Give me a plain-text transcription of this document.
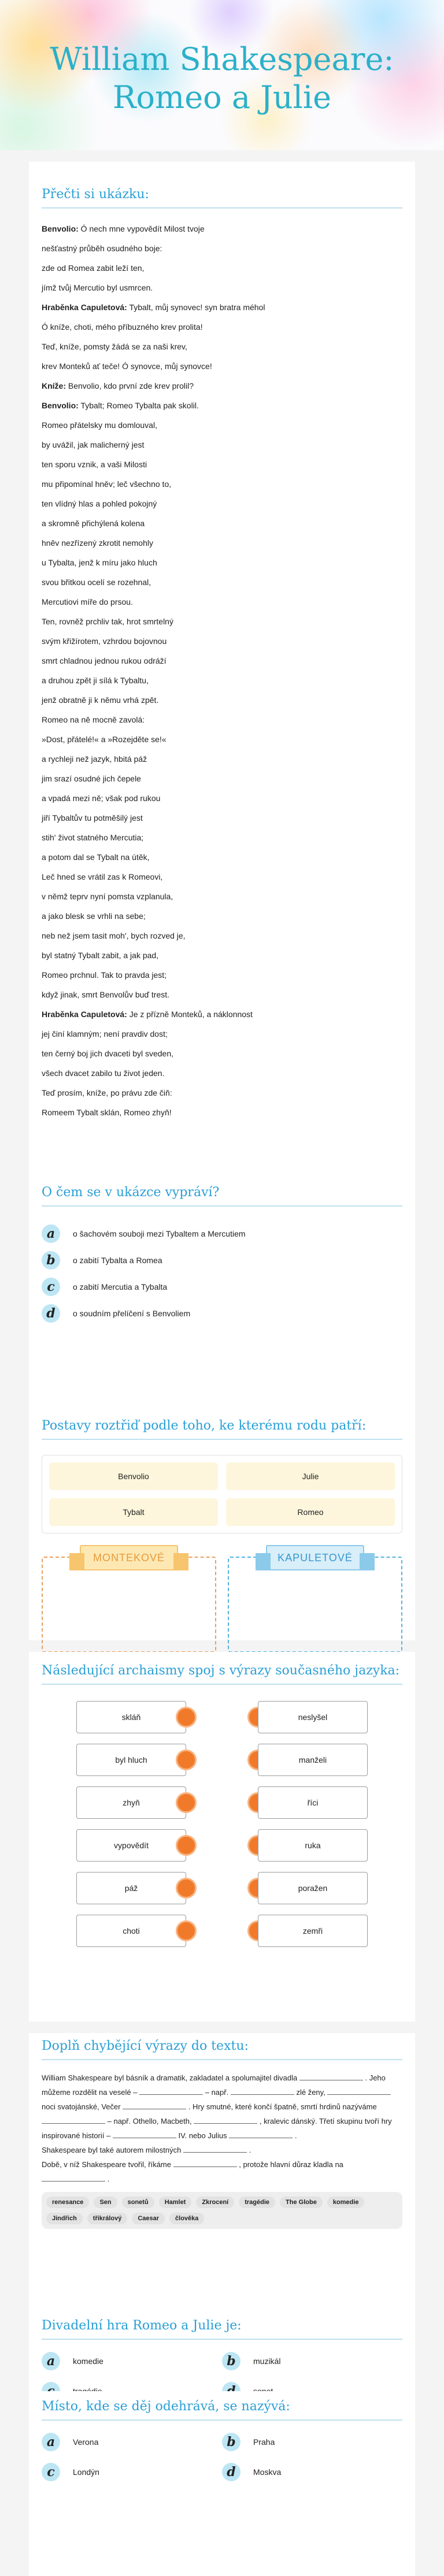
William Shakespeare: Romeo a Julie
Přečti si ukázku:
Benvolio: Ó nech mne vypovědít Milost tvoje
nešťastný průběh osudného boje:
zde od Romea zabit leží ten,
jímž tvůj Mercutio byl usmrcen.
Hraběnka Capuletová: Tybalt, můj synovec! syn bratra méhol
Ó kníže, choti, mého příbuzného krev prolita!
Teď, kníže, pomsty žádá se za naši krev,
krev Monteků ať teče! Ó synovce, můj synovce!
Kníže: Benvolio, kdo první zde krev prolil?
Benvolio: Tybalt; Romeo Tybalta pak skolil.
Romeo přátelsky mu domlouval,
by uvážil, jak malicherný jest
ten sporu vznik, a vaši Milosti
mu připomínal hněv; leč všechno to,
ten vlídný hlas a pohled pokojný
a skromně přichýlená kolena
hněv nezřízený zkrotit nemohly
u Tybalta, jenž k míru jako hluch
svou břitkou ocelí se rozehnal,
Mercutiovi míře do prsou.
Ten, rovněž prchliv tak, hrot smrtelný
svým křižírotem, vzhrdou bojovnou
smrt chladnou jednou rukou odráží
a druhou zpět ji sílá k Tybaltu,
jenž obratně ji k němu vrhá zpět.
Romeo na ně mocně zavolá:
»Dost, přátelé!« a »Rozejděte se!«
a rychleji než jazyk, hbitá páž
jim srazí osudné jich čepele
a vpadá mezi ně; však pod rukou
jiří Tybaltův tu potměšilý jest
stih' život statného Mercutia;
a potom dal se Tybalt na útěk,
Leč hned se vrátil zas k Romeovi,
v němž teprv nyní pomsta vzplanula,
a jako blesk se vrhli na sebe;
neb než jsem tasit moh', bych rozved je,
byl statný Tybalt zabit, a jak pad,
Romeo prchnul. Tak to pravda jest;
když jinak, smrt Benvolův buď trest.
Hraběnka Capuletová: Je z přízně Monteků, a náklonnost
jej činí klamným; není pravdiv dost;
ten černý boj jich dvaceti byl sveden,
všech dvacet zabilo tu život jeden.
Teď prosím, kníže, po právu zde čiň:
Romeem Tybalt sklán, Romeo zhyň!
O čem se v ukázce vypráví?
a	o šachovém souboji mezi Tybaltem a Mercutiem
b	o zabití Tybalta a Romea
c	o zabití Mercutia a Tybalta
d	o soudním přelíčení s Benvoliem
Postavy roztřiď podle toho, ke kterému rodu patří:
Benvolio	Julie
Tybalt	Romeo
MONTEKOVÉ	KAPULETOVÉ
Následující archaismy spoj s výrazy současného jazyka:
skláň	neslyšel
byl hluch	manželi
zhyň	říci
vypovědít	ruka
páž	poražen
choti	zemři
Doplň chybějící výrazy do textu:
William Shakespeare byl básník a dramatik, zakladatel a spolumajitel divadla	. Jeho můžeme rozdělit na veselé –	– např.	zlé ženy,  noci svatojánské, Večer	. Hry smutné, které končí špatně, smrtí hrdinů nazýváme  – např. Othello, Macbeth,	, kralevic dánský. Třetí skupinu tvoří hry inspirované historií –	IV. nebo Julius	.
Shakespeare byl také autorem milostných	.
Době, v níž Shakespeare tvořil, říkáme	, protože hlavní důraz kladla na  .
renesance	Sen	sonetů	Hamlet	Zkrocení	tragédie	The Globe	komedie
Jindřich	třikrálový	Caesar	člověka
Divadelní hra Romeo a Julie je:
a	komedie	b	muzikál
Místo, kde se děj odehrává, se nazývá:
a	Verona	b	Praha
c	Londýn	d	Moskva
